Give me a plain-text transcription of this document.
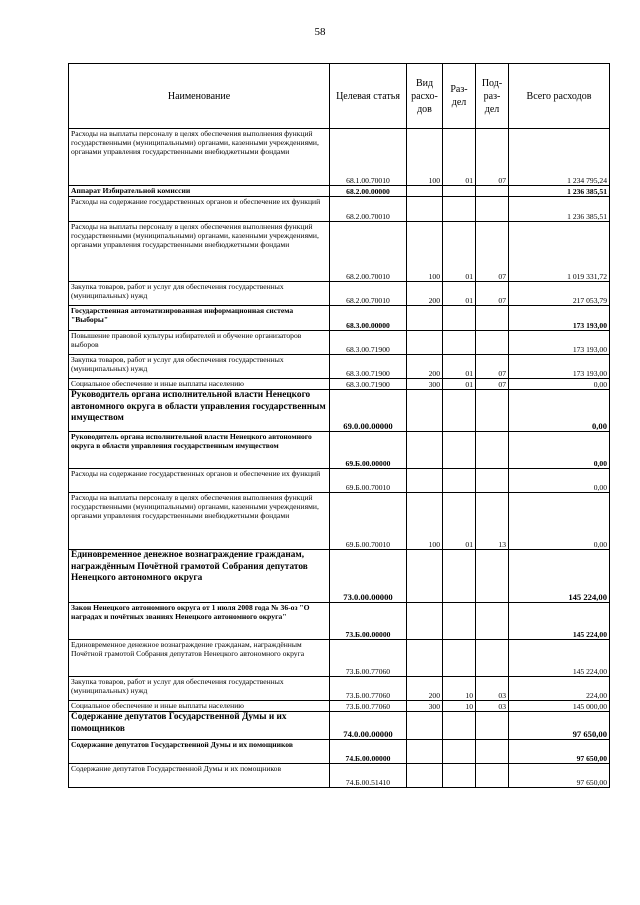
58
Наименование	Целевая статья	Вид расхо-дов	Раз-дел	Под-раз-дел	Всего расходов
Расходы на выплаты персоналу в целях обеспечения выполнения функций государственными (муниципальными) органами, казенными учреждениями, органами управления государственными внебюджетными фондами	68.1.00.70010	100	01	07	1 234 795,24
Аппарат Избирательной комиссии	68.2.00.00000				1 236 385,51
Расходы на содержание государственных органов и обеспечение их функций	68.2.00.70010				1 236 385,51
Расходы на выплаты персоналу в целях обеспечения выполнения функций государственными (муниципальными) органами, казенными учреждениями, органами управления государственными внебюджетными фондами	68.2.00.70010	100	01	07	1 019 331,72
Закупка товаров, работ и услуг для обеспечения государственных (муниципальных) нужд	68.2.00.70010	200	01	07	217 053,79
Государственная автоматизированная информационная система "Выборы"	68.3.00.00000				173 193,00
Повышение правовой культуры избирателей и обучение организаторов выборов	68.3.00.71900				173 193,00
Закупка товаров, работ и услуг для обеспечения государственных (муниципальных) нужд	68.3.00.71900	200	01	07	173 193,00
Социальное обеспечение и иные выплаты населению	68.3.00.71900	300	01	07	0,00
Руководитель органа исполнительной власти Ненецкого автономного округа в области управления государственным имуществом	69.0.00.00000				0,00
Руководитель органа исполнительной власти Ненецкого автономного округа в области управления государственным имуществом	69.Б.00.00000				0,00
Расходы на содержание государственных органов и обеспечение их функций	69.Б.00.70010				0,00
Расходы на выплаты персоналу в целях обеспечения выполнения функций государственными (муниципальными) органами, казенными учреждениями, органами управления государственными внебюджетными фондами	69.Б.00.70010	100	01	13	0,00
Единовременное денежное вознаграждение гражданам, награждённым Почётной грамотой Собрания депутатов Ненецкого автономного округа	73.0.00.00000				145 224,00
Закон Ненецкого автономного округа от 1 июля 2008 года № 36-оз "О наградах и почётных званиях Ненецкого автономного округа"	73.Б.00.00000				145 224,00
Единовременное денежное вознаграждение гражданам, награждённым Почётной грамотой Собрания депутатов Ненецкого автономного округа	73.Б.00.77060				145 224,00
Закупка товаров, работ и услуг для обеспечения государственных (муниципальных) нужд	73.Б.00.77060	200	10	03	224,00
Социальное обеспечение и иные выплаты населению	73.Б.00.77060	300	10	03	145 000,00
Содержание депутатов Государственной Думы и их помощников	74.0.00.00000				97 650,00
Содержание депутатов Государственной Думы и их помощников	74.Б.00.00000				97 650,00
Содержание депутатов Государственной Думы и их помощников	74.Б.00.51410				97 650,00
